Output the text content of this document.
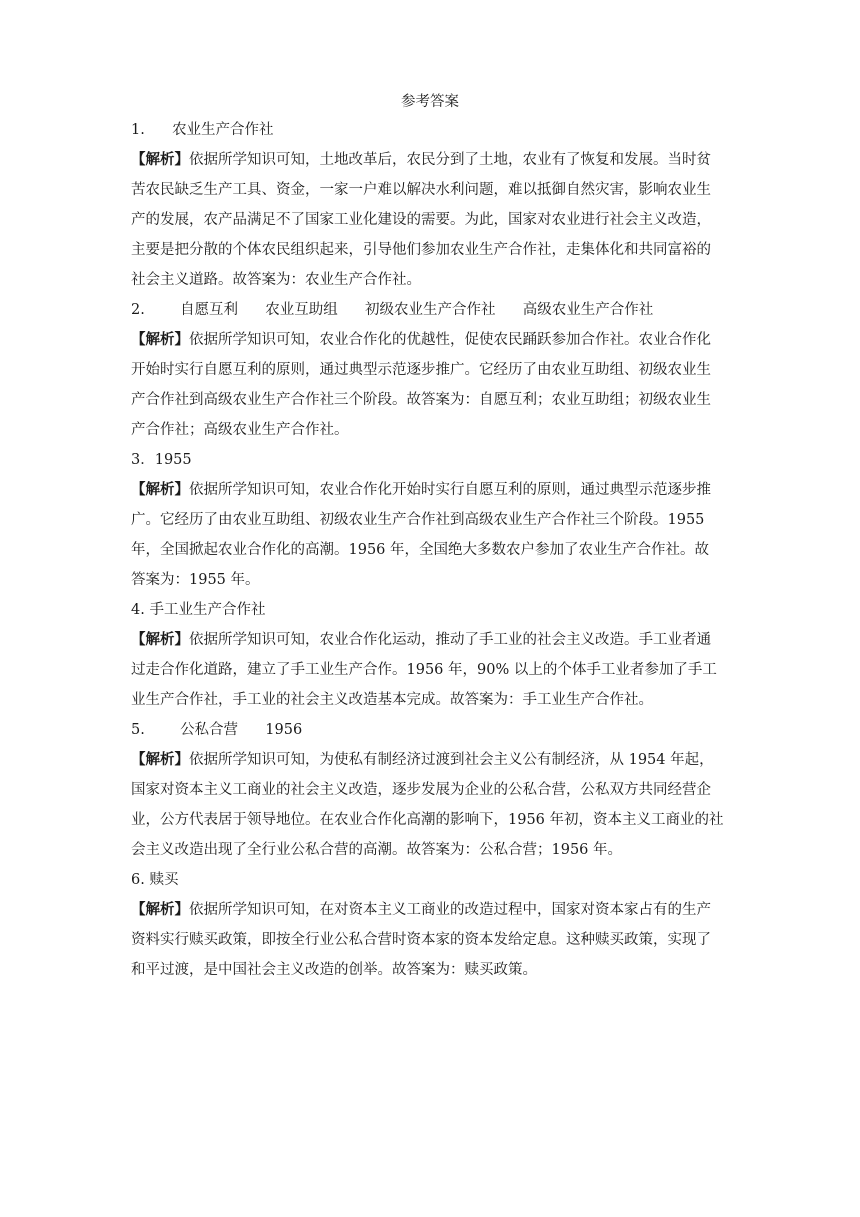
参考答案
1. 农业生产合作社
【解析】依据所学知识可知，土地改革后，农民分到了土地，农业有了恢复和发展。当时贫
苦农民缺乏生产工具、资金，一家一户难以解决水利问题，难以抵御自然灾害，影响农业生
产的发展，农产品满足不了国家工业化建设的需要。为此，国家对农业进行社会主义改造，
主要是把分散的个体农民组织起来，引导他们参加农业生产合作社，走集体化和共同富裕的
社会主义道路。故答案为：农业生产合作社。
2. 自愿互利 农业互助组 初级农业生产合作社 高级农业生产合作社
【解析】依据所学知识可知，农业合作化的优越性，促使农民踊跃参加合作社。农业合作化
开始时实行自愿互利的原则，通过典型示范逐步推广。它经历了由农业互助组、初级农业生
产合作社到高级农业生产合作社三个阶段。故答案为：自愿互利；农业互助组；初级农业生
产合作社；高级农业生产合作社。
3．1955
【解析】依据所学知识可知，农业合作化开始时实行自愿互利的原则，通过典型示范逐步推
广。它经历了由农业互助组、初级农业生产合作社到高级农业生产合作社三个阶段。1955
年，全国掀起农业合作化的高潮。1956 年，全国绝大多数农户参加了农业生产合作社。故
答案为：1955 年。
4. 手工业生产合作社
【解析】依据所学知识可知，农业合作化运动，推动了手工业的社会主义改造。手工业者通
过走合作化道路，建立了手工业生产合作。1956 年，90% 以上的个体手工业者参加了手工
业生产合作社，手工业的社会主义改造基本完成。故答案为：手工业生产合作社。
5. 公私合营 1956
【解析】依据所学知识可知，为使私有制经济过渡到社会主义公有制经济，从 1954 年起，
国家对资本主义工商业的社会主义改造，逐步发展为企业的公私合营，公私双方共同经营企
业，公方代表居于领导地位。在农业合作化高潮的影响下，1956 年初，资本主义工商业的社
会主义改造出现了全行业公私合营的高潮。故答案为：公私合营；1956 年。
6. 赎买
【解析】依据所学知识可知，在对资本主义工商业的改造过程中，国家对资本家占有的生产
资料实行赎买政策，即按全行业公私合营时资本家的资本发给定息。这种赎买政策，实现了
和平过渡，是中国社会主义改造的创举。故答案为：赎买政策。
